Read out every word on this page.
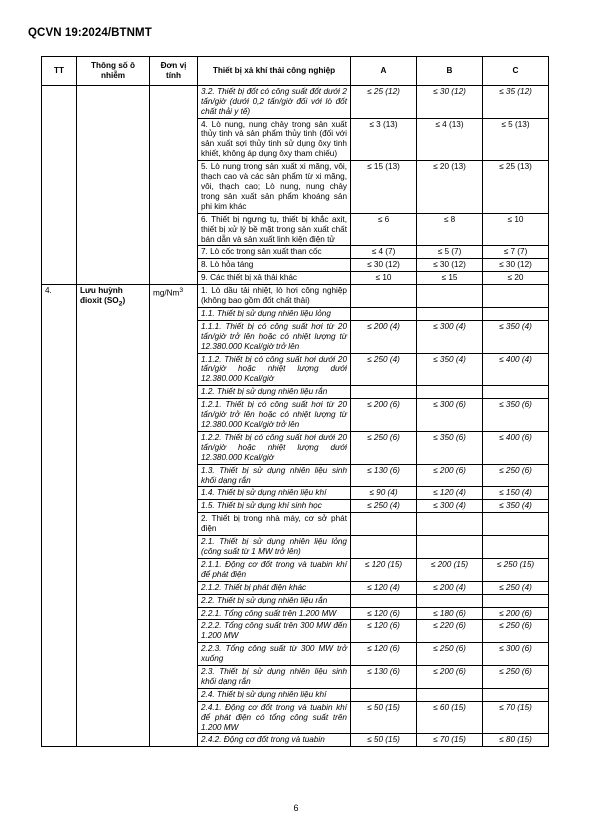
QCVN 19:2024/BTNMT
TT	Thông số ô nhiễm	Đơn vị tính	Thiết bị xả khí thải công nghiệp	A	B	C
			3.2. Thiết bị đốt có công suất đốt dưới 2 tấn/giờ (dưới 0,2 tấn/giờ đối với lò đốt chất thải y tế)	≤ 25 (12)	≤ 30 (12)	≤ 35 (12)
			4. Lò nung, nung chảy trong sản xuất thủy tinh và sản phẩm thủy tinh (đối với sản xuất sợi thủy tinh sử dụng ôxy tinh khiết, không áp dụng ôxy tham chiếu)	≤ 3 (13)	≤ 4 (13)	≤ 5 (13)
			5. Lò nung trong sản xuất xi măng, vôi, thạch cao và các sản phẩm từ xi măng, vôi, thạch cao; Lò nung, nung chảy trong sản xuất sản phẩm khoáng sản phi kim khác	≤ 15 (13)	≤ 20 (13)	≤ 25 (13)
			6. Thiết bị ngưng tụ, thiết bị khắc axit, thiết bị xử lý bề mặt trong sản xuất chất bán dẫn và sản xuất linh kiện điện tử	≤ 6	≤ 8	≤ 10
			7. Lò cốc trong sản xuất than cốc	≤ 4 (7)	≤ 5 (7)	≤ 7 (7)
			8. Lò hỏa táng	≤ 30 (12)	≤ 30 (12)	≤ 30 (12)
			9. Các thiết bị xả thải khác	≤ 10	≤ 15	≤ 20
4.	Lưu huỳnh đioxit $(SO_2)$	mg/Nm$^3$	1. Lò dầu tải nhiệt, lò hơi công nghiệp (không bao gồm đốt chất thải)			
			1.1. Thiết bị sử dụng nhiên liệu lỏng			
			1.1.1. Thiết bị có công suất hơi từ 20 tấn/giờ trở lên hoặc có nhiệt lượng từ 12.380.000 Kcal/giờ trở lên	≤ 200 (4)	≤ 300 (4)	≤ 350 (4)
			1.1.2. Thiết bị có công suất hơi dưới 20 tấn/giờ hoặc nhiệt lượng dưới 12.380.000 Kcal/giờ	≤ 250 (4)	≤ 350 (4)	≤ 400 (4)
			1.2. Thiết bị sử dụng nhiên liệu rắn			
			1.2.1. Thiết bị có công suất hơi từ 20 tấn/giờ trở lên hoặc có nhiệt lượng từ 12.380.000 Kcal/giờ trở lên	≤ 200 (6)	≤ 300 (6)	≤ 350 (6)
			1.2.2. Thiết bị có công suất hơi dưới 20 tấn/giờ hoặc nhiệt lượng dưới 12.380.000 Kcal/giờ	≤ 250 (6)	≤ 350 (6)	≤ 400 (6)
			1.3. Thiết bị sử dụng nhiên liệu sinh khối dạng rắn	≤ 130 (6)	≤ 200 (6)	≤ 250 (6)
			1.4. Thiết bị sử dụng nhiên liệu khí	≤ 90 (4)	≤ 120 (4)	≤ 150 (4)
			1.5. Thiết bị sử dụng khí sinh học	≤ 250 (4)	≤ 300 (4)	≤ 350 (4)
			2. Thiết bị trong nhà máy, cơ sở phát điện			
			2.1. Thiết bị sử dụng nhiên liệu lỏng (công suất từ 1 MW trở lên)			
			2.1.1. Động cơ đốt trong và tuabin khí để phát điện	≤ 120 (15)	≤ 200 (15)	≤ 250 (15)
			2.1.2. Thiết bị phát điện khác	≤ 120 (4)	≤ 200 (4)	≤ 250 (4)
			2.2. Thiết bị sử dụng nhiên liệu rắn			
			2.2.1. Tổng công suất trên 1.200 MW	≤ 120 (6)	≤ 180 (6)	≤ 200 (6)
			2.2.2. Tổng công suất trên 300 MW đến 1.200 MW	≤ 120 (6)	≤ 220 (6)	≤ 250 (6)
			2.2.3. Tổng công suất từ 300 MW trở xuống	≤ 120 (6)	≤ 250 (6)	≤ 300 (6)
			2.3. Thiết bị sử dụng nhiên liệu sinh khối dạng rắn	≤ 130 (6)	≤ 200 (6)	≤ 250 (6)
			2.4. Thiết bị sử dụng nhiên liệu khí			
			2.4.1. Động cơ đốt trong và tuabin khí để phát điện có tổng công suất trên 1.200 MW	≤ 50 (15)	≤ 60 (15)	≤ 70 (15)
			2.4.2. Động cơ đốt trong và tuabin	≤ 50 (15)	≤ 70 (15)	≤ 80 (15)
6
